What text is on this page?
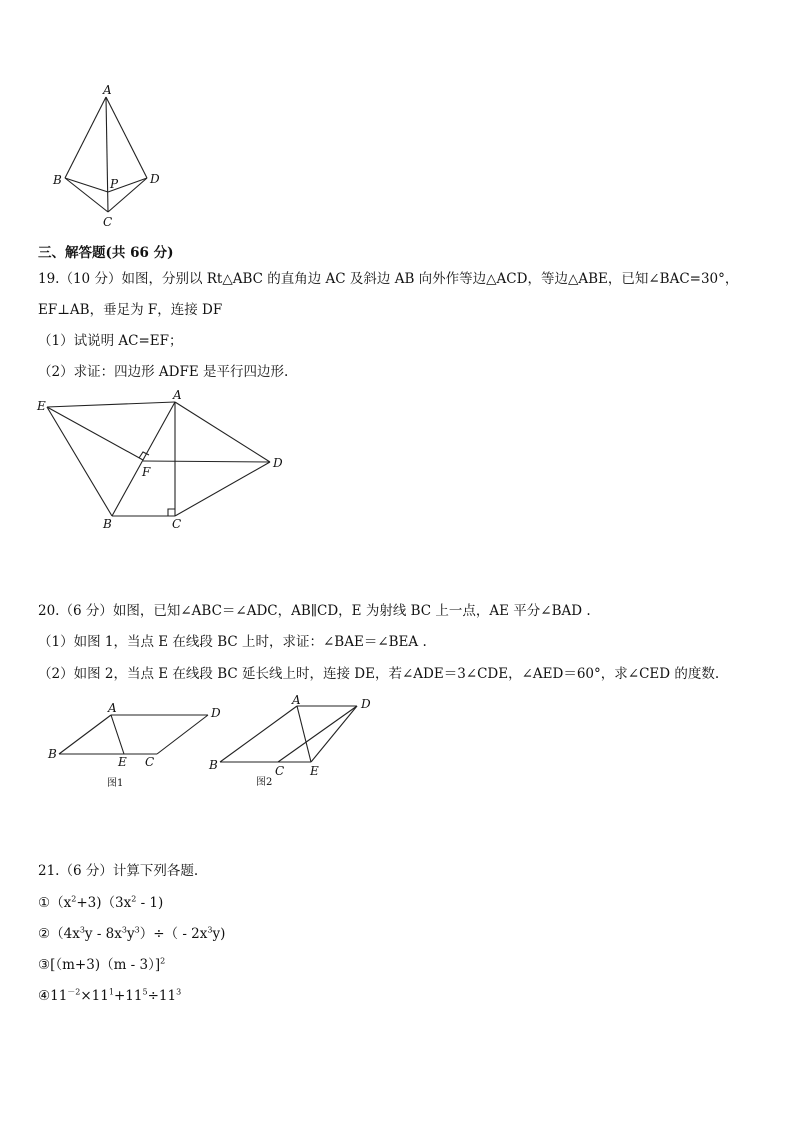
A
B	P	D
C
三、解答题(共 66 分)
19.（10 分）如图，分别以 Rt△ABC 的直角边 AC 及斜边 AB 向外作等边△ACD，等边△ABE，已知∠BAC=30°，
EF⊥AB，垂足为 F，连接 DF
（1）试说明 AC=EF；
（2）求证：四边形 ADFE 是平行四边形.
E
A
F
D
B	C
20.（6 分）如图，已知∠ABC＝∠ADC，AB∥CD，E 为射线 BC 上一点，AE 平分∠BAD .
（1）如图 1，当点 E 在线段 BC 上时，求证：∠BAE＝∠BEA .
（2）如图 2，当点 E 在线段 BC 延长线上时，连接 DE，若∠ADE＝3∠CDE，∠AED＝60°，求∠CED 的度数.
A	D
B
E C
图1
A	D
B	C E
图2
21.（6 分）计算下列各题.
$①(x^2+3)(3x^2 - 1)$
$②(4x^3y - 8x^3y^3)\div( - 2x^3y)$
③[（m+3)（m - 3）]$^2$
$④11^{-2}\times 11^1+11^5\div 11^3$
